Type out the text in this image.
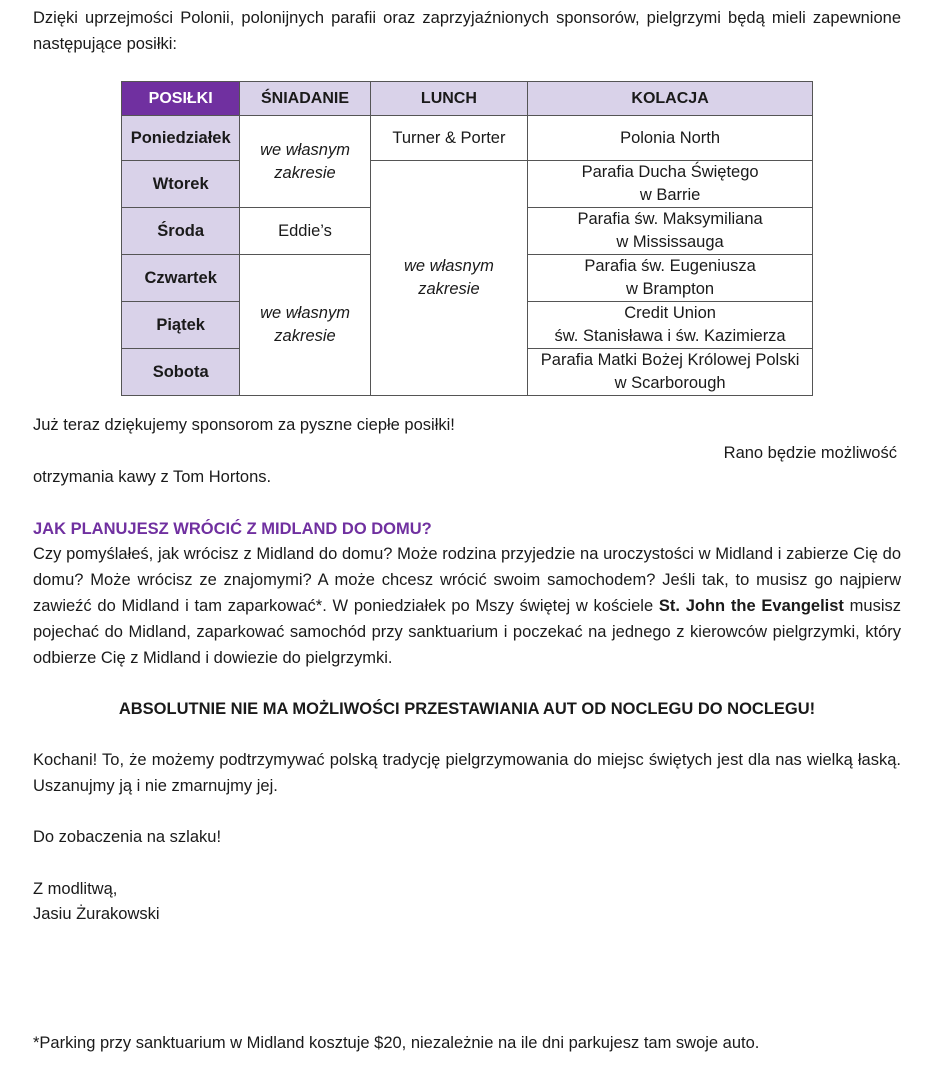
Dzięki uprzejmości Polonii, polonijnych parafii oraz zaprzyjaźnionych sponsorów, pielgrzymi będą mieli zapewnione następujące posiłki:

POSIŁKI	ŚNIADANIE	LUNCH	KOLACJA
Poniedziałek	we własnym
zakresie	Turner & Porter	Polonia North
Wtorek		we własnym
zakresie	Parafia Ducha Świętego
w Barrie
Środa	Eddie’s		Parafia św. Maksymiliana
w Mississauga
Czwartek	we własnym
zakresie		Parafia św. Eugeniusza
w Brampton
Piątek			Credit Union
św. Stanisława i św. Kazimierza
Sobota			Parafia Matki Bożej Królowej Polski
w Scarborough

Już teraz dziękujemy sponsorom za pyszne ciepłe posiłki!

Rano będzie możliwość

otrzymania kawy z Tom Hortons.

JAK PLANUJESZ WRÓCIĆ Z MIDLAND DO DOMU?

Czy pomyślałeś, jak wrócisz z Midland do domu? Może rodzina przyjedzie na uroczystości w Midland i zabierze Cię do domu? Może wrócisz ze znajomymi? A może chcesz wrócić swoim samochodem? Jeśli tak, to musisz go najpierw zawieźć do Midland i tam zaparkować*. W poniedziałek po Mszy świętej w kościele St. John the Evangelist musisz pojechać do Midland, zaparkować samochód przy sanktuarium i poczekać na jednego z kierowców pielgrzymki, który odbierze Cię z Midland i dowiezie do pielgrzymki.

ABSOLUTNIE NIE MA MOŻLIWOŚCI PRZESTAWIANIA AUT OD NOCLEGU DO NOCLEGU!

Kochani! To, że możemy podtrzymywać polską tradycję pielgrzymowania do miejsc świętych jest dla nas wielką łaską. Uszanujmy ją i nie zmarnujmy jej.

Do zobaczenia na szlaku!

Z modlitwą,

Jasiu Żurakowski

*Parking przy sanktuarium w Midland kosztuje $20, niezależnie na ile dni parkujesz tam swoje auto.
